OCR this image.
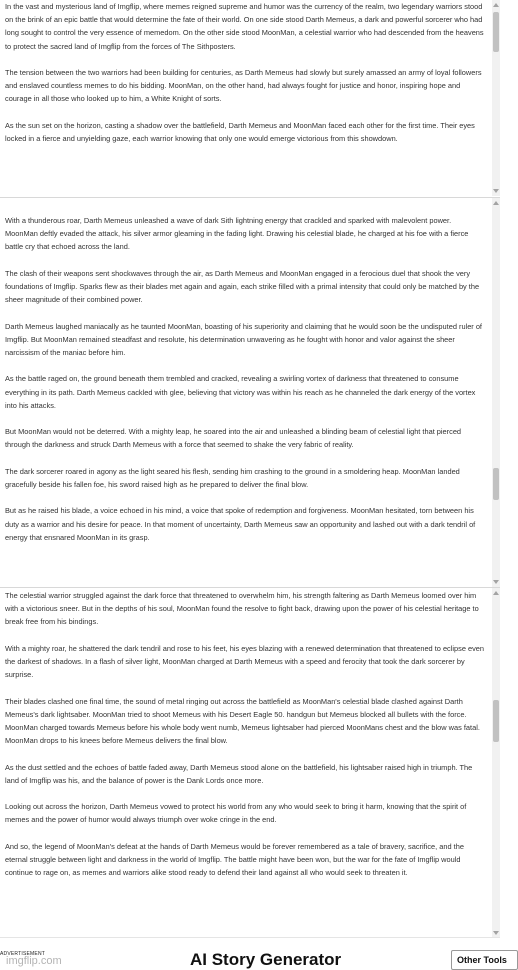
In the vast and mysterious land of Imgflip, where memes reigned supreme and humor was the currency of the realm, two legendary warriors stood on the brink of an epic battle that would determine the fate of their world. On one side stood Darth Memeus, a dark and powerful sorcerer who had long sought to control the very essence of memedom. On the other side stood MoonMan, a celestial warrior who had descended from the heavens to protect the sacred land of Imgflip from the forces of The Sithposters.

The tension between the two warriors had been building for centuries, as Darth Memeus had slowly but surely amassed an army of loyal followers and enslaved countless memes to do his bidding. MoonMan, on the other hand, had always fought for justice and honor, inspiring hope and courage in all those who looked up to him, a White Knight of sorts.

As the sun set on the horizon, casting a shadow over the battlefield, Darth Memeus and MoonMan faced each other for the first time. Their eyes locked in a fierce and unyielding gaze, each warrior knowing that only one would emerge victorious from this showdown.

With a thunderous roar, Darth Memeus unleashed a wave of dark Sith lightning energy that crackled and sparked with malevolent power. MoonMan deftly evaded the attack, his silver armor gleaming in the fading light. Drawing his celestial blade, he charged at his foe with a fierce battle cry that echoed across the land.

The clash of their weapons sent shockwaves through the air, as Darth Memeus and MoonMan engaged in a ferocious duel that shook the very foundations of Imgflip. Sparks flew as their blades met again and again, each strike filled with a primal intensity that could only be matched by the sheer magnitude of their combined power.

Darth Memeus laughed maniacally as he taunted MoonMan, boasting of his superiority and claiming that he would soon be the undisputed ruler of Imgflip. But MoonMan remained steadfast and resolute, his determination unwavering as he fought with honor and valor against the sheer narcissism of the maniac before him.

As the battle raged on, the ground beneath them trembled and cracked, revealing a swirling vortex of darkness that threatened to consume everything in its path. Darth Memeus cackled with glee, believing that victory was within his reach as he channeled the dark energy of the vortex into his attacks.

But MoonMan would not be deterred. With a mighty leap, he soared into the air and unleashed a blinding beam of celestial light that pierced through the darkness and struck Darth Memeus with a force that seemed to shake the very fabric of reality.

The dark sorcerer roared in agony as the light seared his flesh, sending him crashing to the ground in a smoldering heap. MoonMan landed gracefully beside his fallen foe, his sword raised high as he prepared to deliver the final blow.

But as he raised his blade, a voice echoed in his mind, a voice that spoke of redemption and forgiveness. MoonMan hesitated, torn between his duty as a warrior and his desire for peace. In that moment of uncertainty, Darth Memeus saw an opportunity and lashed out with a dark tendril of energy that ensnared MoonMan in its grasp.

The celestial warrior struggled against the dark force that threatened to overwhelm him, his strength faltering as Darth Memeus loomed over him with a victorious sneer. But in the depths of his soul, MoonMan found the resolve to fight back, drawing upon the power of his celestial heritage to break free from his bindings.

With a mighty roar, he shattered the dark tendril and rose to his feet, his eyes blazing with a renewed determination that threatened to eclipse even the darkest of shadows. In a flash of silver light, MoonMan charged at Darth Memeus with a speed and ferocity that took the dark sorcerer by surprise.

Their blades clashed one final time, the sound of metal ringing out across the battlefield as MoonMan's celestial blade clashed against Darth Memeus's dark lightsaber. MoonMan tried to shoot Memeus with his Desert Eagle 50. handgun but Memeus blocked all bullets with the force. MoonMan charged towards Memeus before his whole body went numb, Memeus lightsaber had pierced MoonMans chest and the blow was fatal. MoonMan drops to his knees before Memeus delivers the final blow.

As the dust settled and the echoes of battle faded away, Darth Memeus stood alone on the battlefield, his lightsaber raised high in triumph. The land of Imgflip was his, and the balance of power is the Dank Lords once more.

Looking out across the horizon, Darth Memeus vowed to protect his world from any who would seek to bring it harm, knowing that the spirit of memes and the power of humor would always triumph over woke cringe in the end.

And so, the legend of MoonMan's defeat at the hands of Darth Memeus would be forever remembered as a tale of bravery, sacrifice, and the eternal struggle between light and darkness in the world of Imgflip. The battle might have been won, but the war for the fate of Imgflip would continue to rage on, as memes and warriors alike stood ready to defend their land against all who would seek to threaten it.

ADVERTISEMENT
imgflip.com	AI Story Generator	Other Tools
